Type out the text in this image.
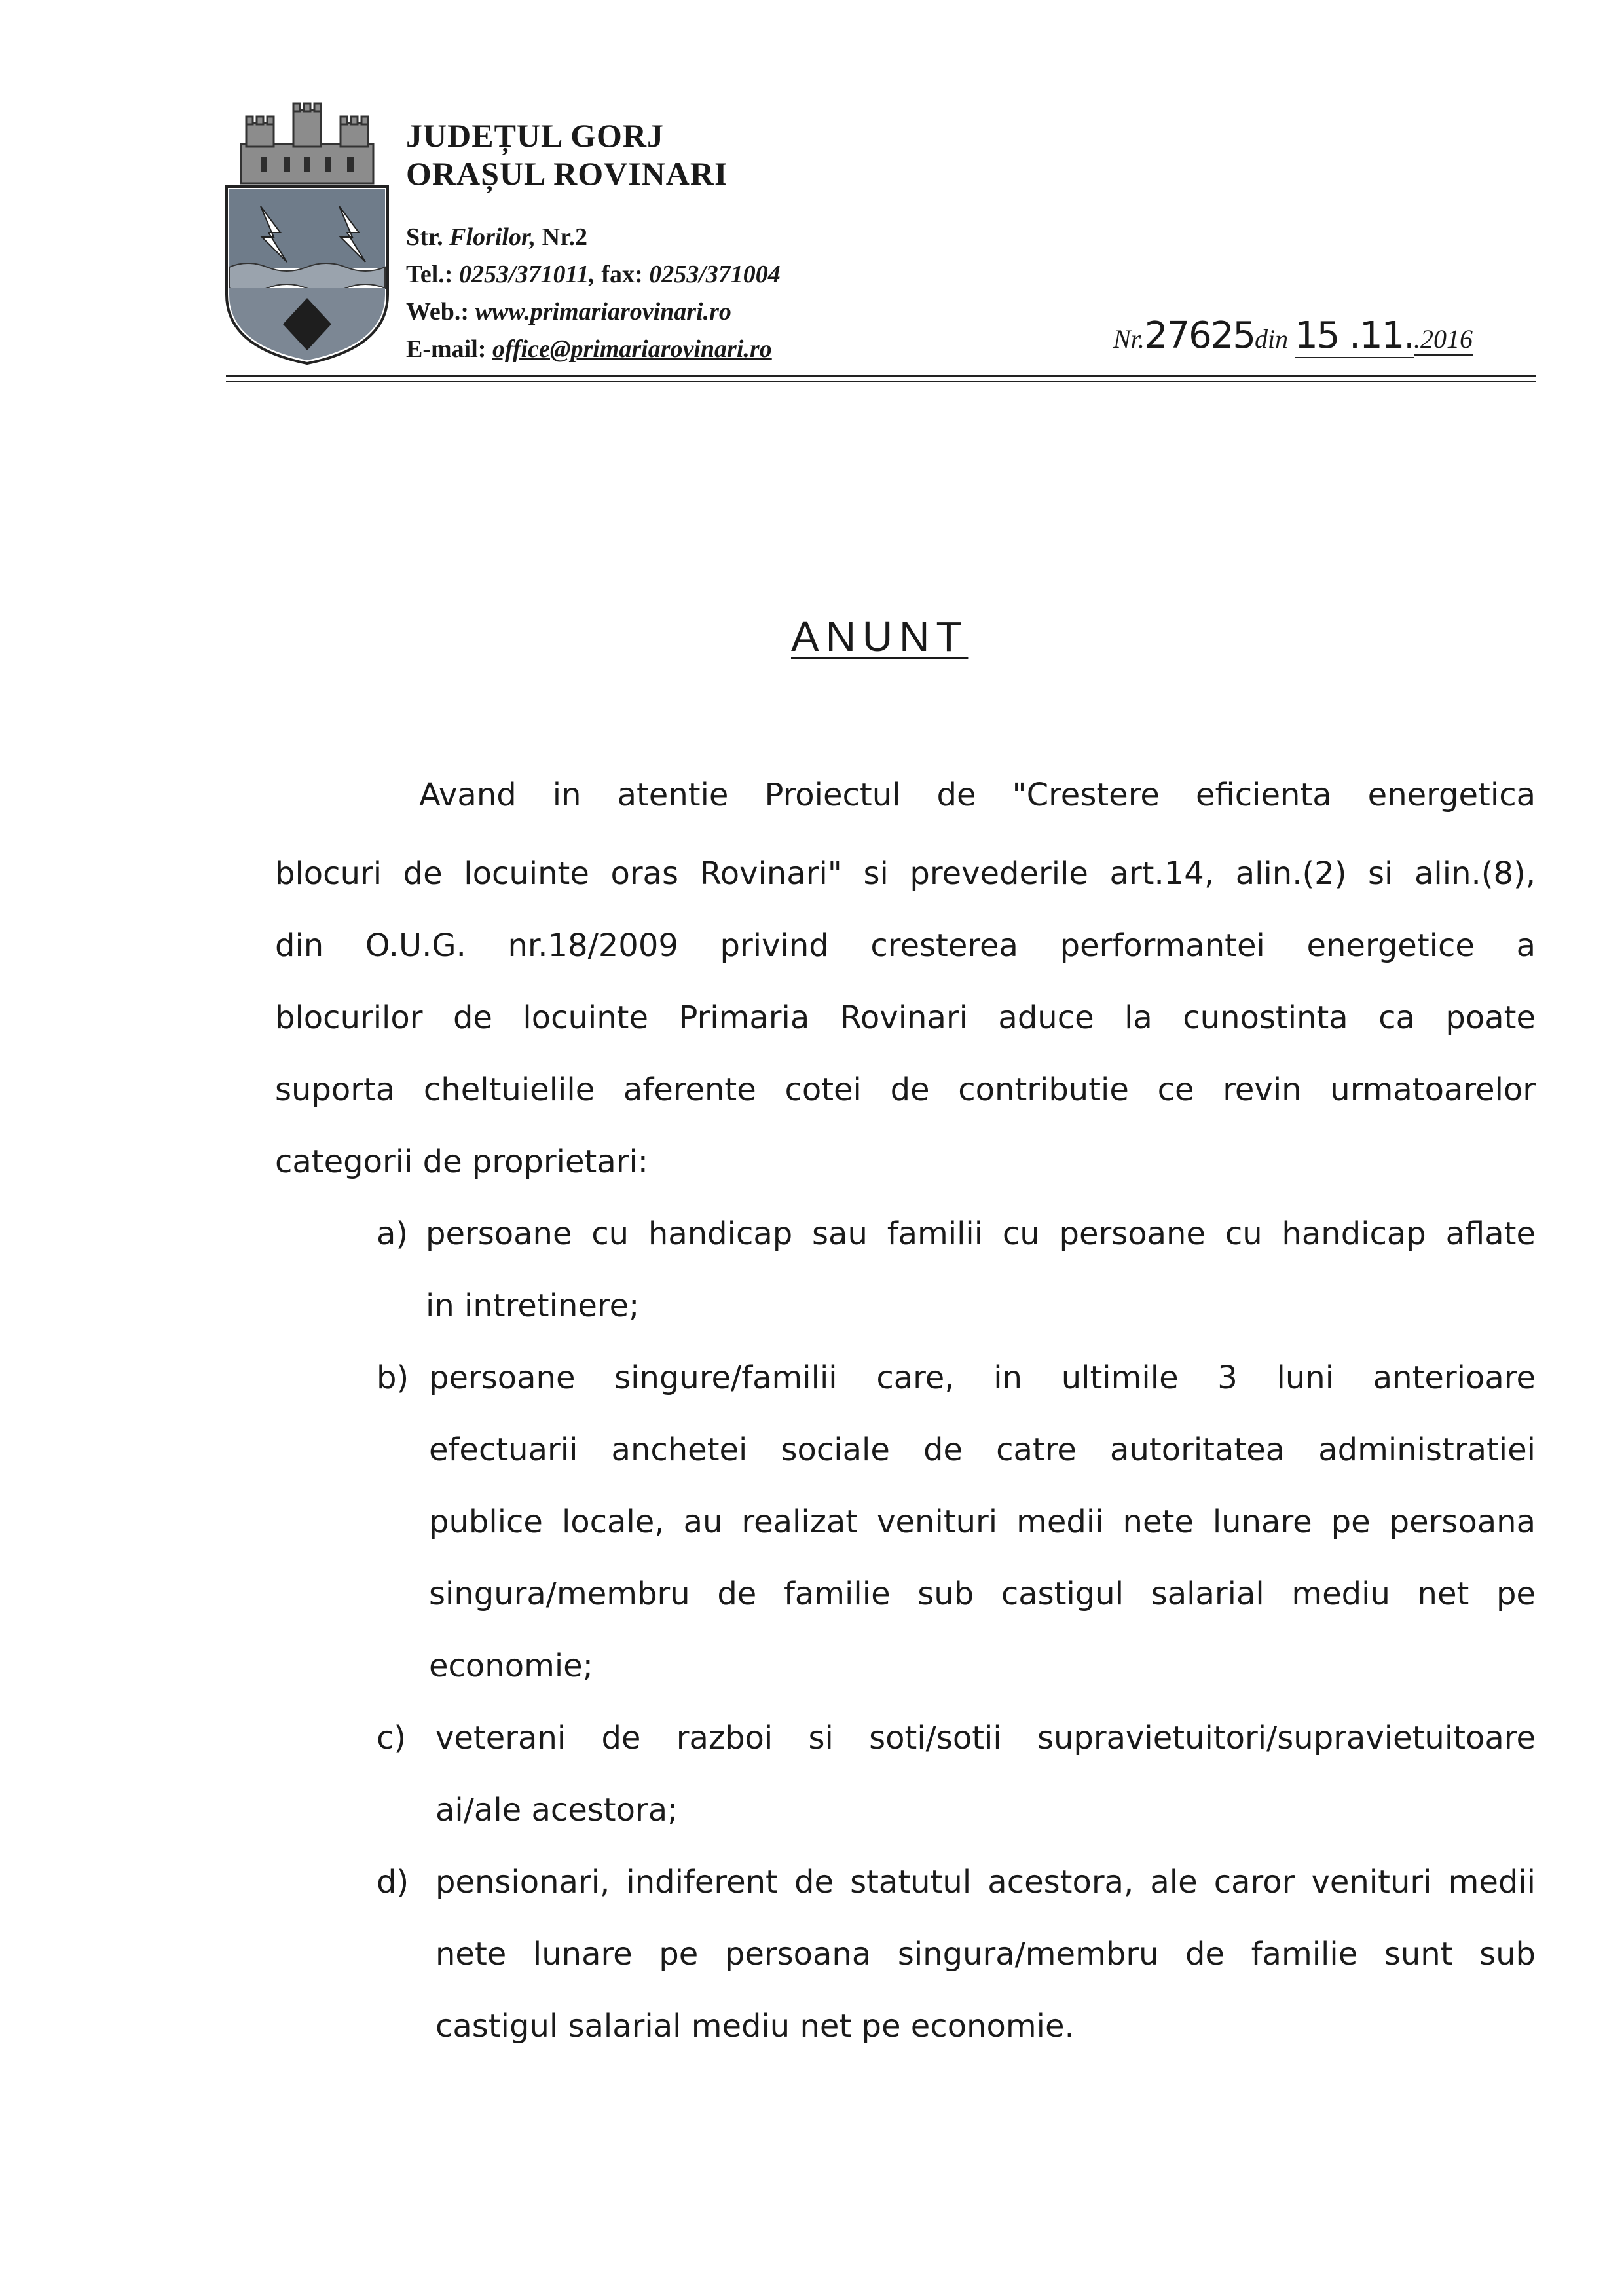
JUDEȚUL GORJ
ORAȘUL ROVINARI
Str. Florilor, Nr.2
Tel.: 0253/371011, fax: 0253/371004
Web.: www.primariarovinari.ro
E-mail: office@primariarovinari.ro	Nr.27625din 15 .11..2016
ANUNT
Avand in atentie Proiectul de "Crestere eficienta energetica
blocuri de locuinte oras Rovinari" si prevederile art.14, alin.(2) si alin.(8),
din O.U.G. nr.18/2009 privind cresterea performantei energetice a
blocurilor de locuinte Primaria Rovinari aduce la cunostinta ca poate
suporta cheltuielile aferente cotei de contributie ce revin urmatoarelor
categorii de proprietari:
a) persoane cu handicap sau familii cu persoane cu handicap aflate
in intretinere;
b) persoane singure/familii care, in ultimile 3 luni anterioare
efectuarii anchetei sociale de catre autoritatea administratiei
publice locale, au realizat venituri medii nete lunare pe persoana
singura/membru de familie sub castigul salarial mediu net pe
economie;
c) veterani de razboi si soti/sotii supravietuitori/supravietuitoare
ai/ale acestora;
d) pensionari, indiferent de statutul acestora, ale caror venituri medii
nete lunare pe persoana singura/membru de familie sunt sub
castigul salarial mediu net pe economie.
